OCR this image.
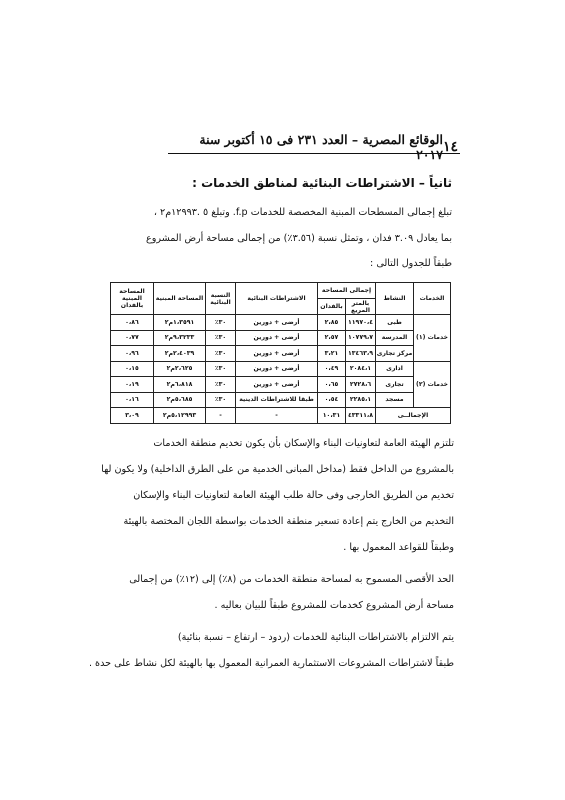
١٤
الوقائع المصرية – العدد ٢٣١ فى ١٥ أكتوبر سنة ٢٠١٧
ثانياً – الاشتراطات البنائية لمناطق الخدمات :
تبلغ إجمالى المسطحات المبنية المخصصة للخدمات f.p. وتبلغ ٥ .١٢٩٩٣م٢ ،
بما يعادل ٣.٠٩ فدان ، وتمثل نسبة (٣.٥٦٪) من إجمالى مساحة أرض المشروع
طبقاً للجدول التالى :
الخدمات	النشاط	إجمالى المساحة		الاشتراطات البنائية	النسبة البنائية	المساحة المبنية	المساحة المبنية بالفدان
		بالمتر المربع	بالفدان				
خدمات (١)	طبى	١١٩٧٠،٤	٢،٨٥	أرضى + دورين	٣٠٪	١،٣٥٩١م٢	٠،٨٦
	المدرسة	١٠٧٧٩،٧	٢،٥٧	أرضى + دورين	٣٠٪	٩،٣٢٣٣م٢	٠،٧٧
	مركز تجارى	١٣٤٦٣،٩	٣،٢١	أرضى + دورين	٣٠٪	٢،٤٠٣٩م٢	٠،٩٦
خدمات (٢)	ادارى	٢٠٨٤،١	٠،٤٩	أرضى + دورين	٣٠٪	٢،٦٢٥م٢	٠،١٥
	تجارى	٢٧٢٨،٦	٠،٦٥	أرضى + دورين	٣٠٪	٦،٨١٨م٢	٠،١٩
	مسجد	٢٢٨٥،١	٠،٥٤	طبقا للاشتراطات الدينية	٣٠٪	٥،٦٨٥م٢	٠،١٦
الإجمالــى		٤٣٣١١،٨	١٠،٣١	-	-	٥،١٢٩٩٣م٢	٣،٠٩
تلتزم الهيئة العامة لتعاونيات البناء والإسكان بأن يكون تخديم منطقة الخدمات
بالمشروع من الداخل فقط (مداخل المبانى الخدمية من على الطرق الداخلية) ولا يكون لها
تخديم من الطريق الخارجى وفى حالة طلب الهيئة العامة لتعاونيات البناء والإسكان
التخديم من الخارج يتم إعادة تسعير منطقة الخدمات بواسطة اللجان المختصة بالهيئة
وطبقاً للقواعد المعمول بها .
الحد الأقصى المسموح به لمساحة منطقة الخدمات من (٨٪) إلى (١٢٪) من إجمالى
مساحة أرض المشروع كخدمات للمشروع طبقاً للبيان بعاليه .
يتم الالتزام بالاشتراطات البنائية للخدمات (ردود – ارتفاع – نسبة بنائية)
طبقاً لاشتراطات المشروعات الاستثمارية العمرانية المعمول بها بالهيئة لكل نشاط على حدة .
